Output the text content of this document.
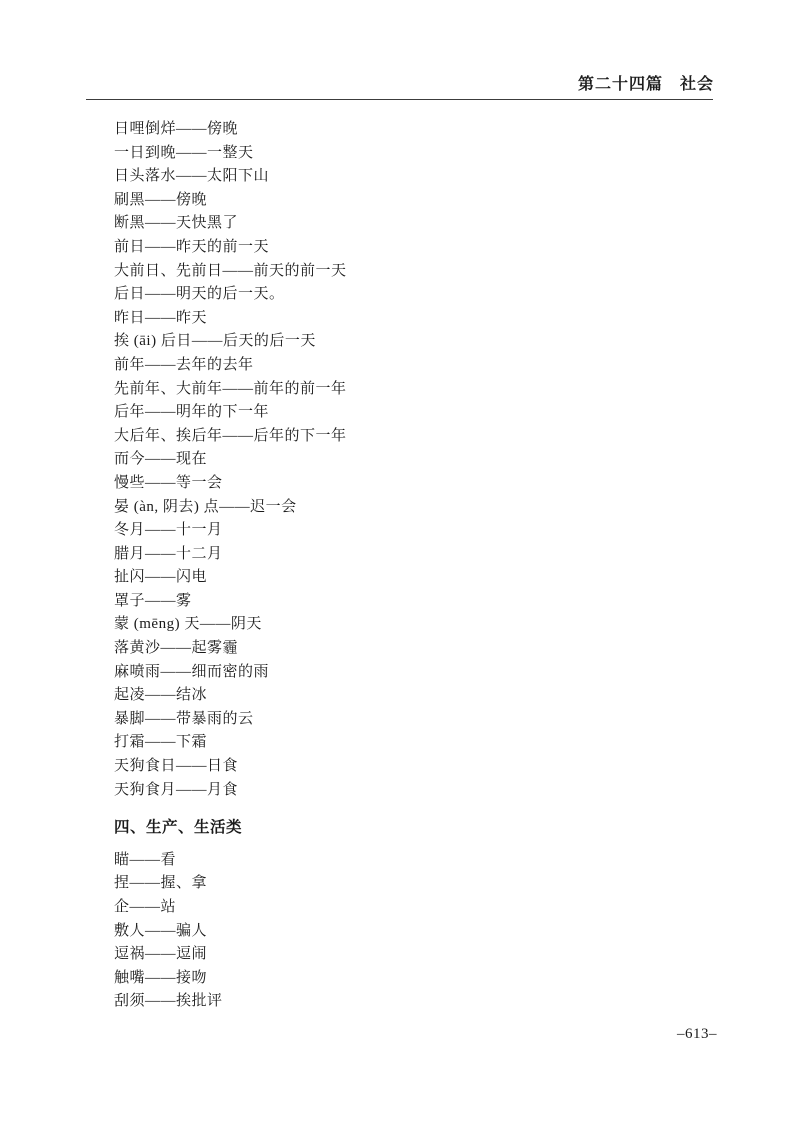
第二十四篇　社会
日哩倒烊——傍晚
一日到晚——一整天
日头落水——太阳下山
刷黑——傍晚
断黑——天快黑了
前日——昨天的前一天
大前日、先前日——前天的前一天
后日——明天的后一天。
昨日——昨天
挨 (āi) 后日——后天的后一天
前年——去年的去年
先前年、大前年——前年的前一年
后年——明年的下一年
大后年、挨后年——后年的下一年
而今——现在
慢些——等一会
晏 (àn, 阴去) 点——迟一会
冬月——十一月
腊月——十二月
扯闪——闪电
罩子——雾
蒙 (mēng) 天——阴天
落黄沙——起雾霾
麻喷雨——细而密的雨
起凌——结冰
暴脚——带暴雨的云
打霜——下霜
天狗食日——日食
天狗食月——月食
四、生产、生活类
瞄——看
捏——握、拿
企——站
敷人——骗人
逗祸——逗闹
触嘴——接吻
刮须——挨批评
–613–
